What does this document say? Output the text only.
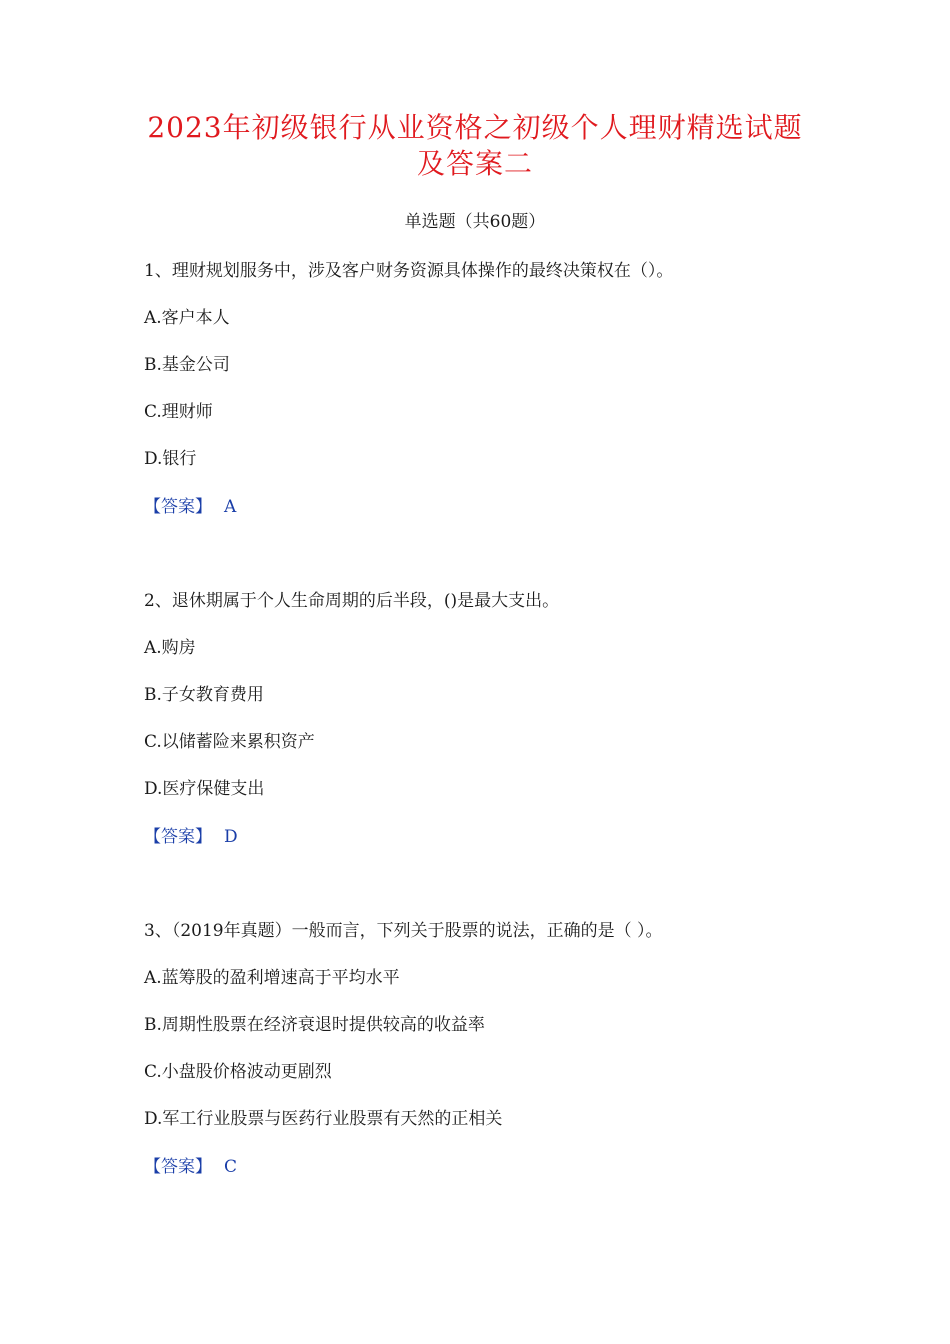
2023年初级银行从业资格之初级个人理财精选试题
及答案二
单选题（共60题）
1、理财规划服务中，涉及客户财务资源具体操作的最终决策权在（）。
A.客户本人
B.基金公司
C.理财师
D.银行
【答案】 A
2、退休期属于个人生命周期的后半段，()是最大支出。
A.购房
B.子女教育费用
C.以储蓄险来累积资产
D.医疗保健支出
【答案】 D
3、（2019年真题）一般而言，下列关于股票的说法，正确的是（ ）。
A.蓝筹股的盈利增速高于平均水平
B.周期性股票在经济衰退时提供较高的收益率
C.小盘股价格波动更剧烈
D.军工行业股票与医药行业股票有天然的正相关
【答案】 C
